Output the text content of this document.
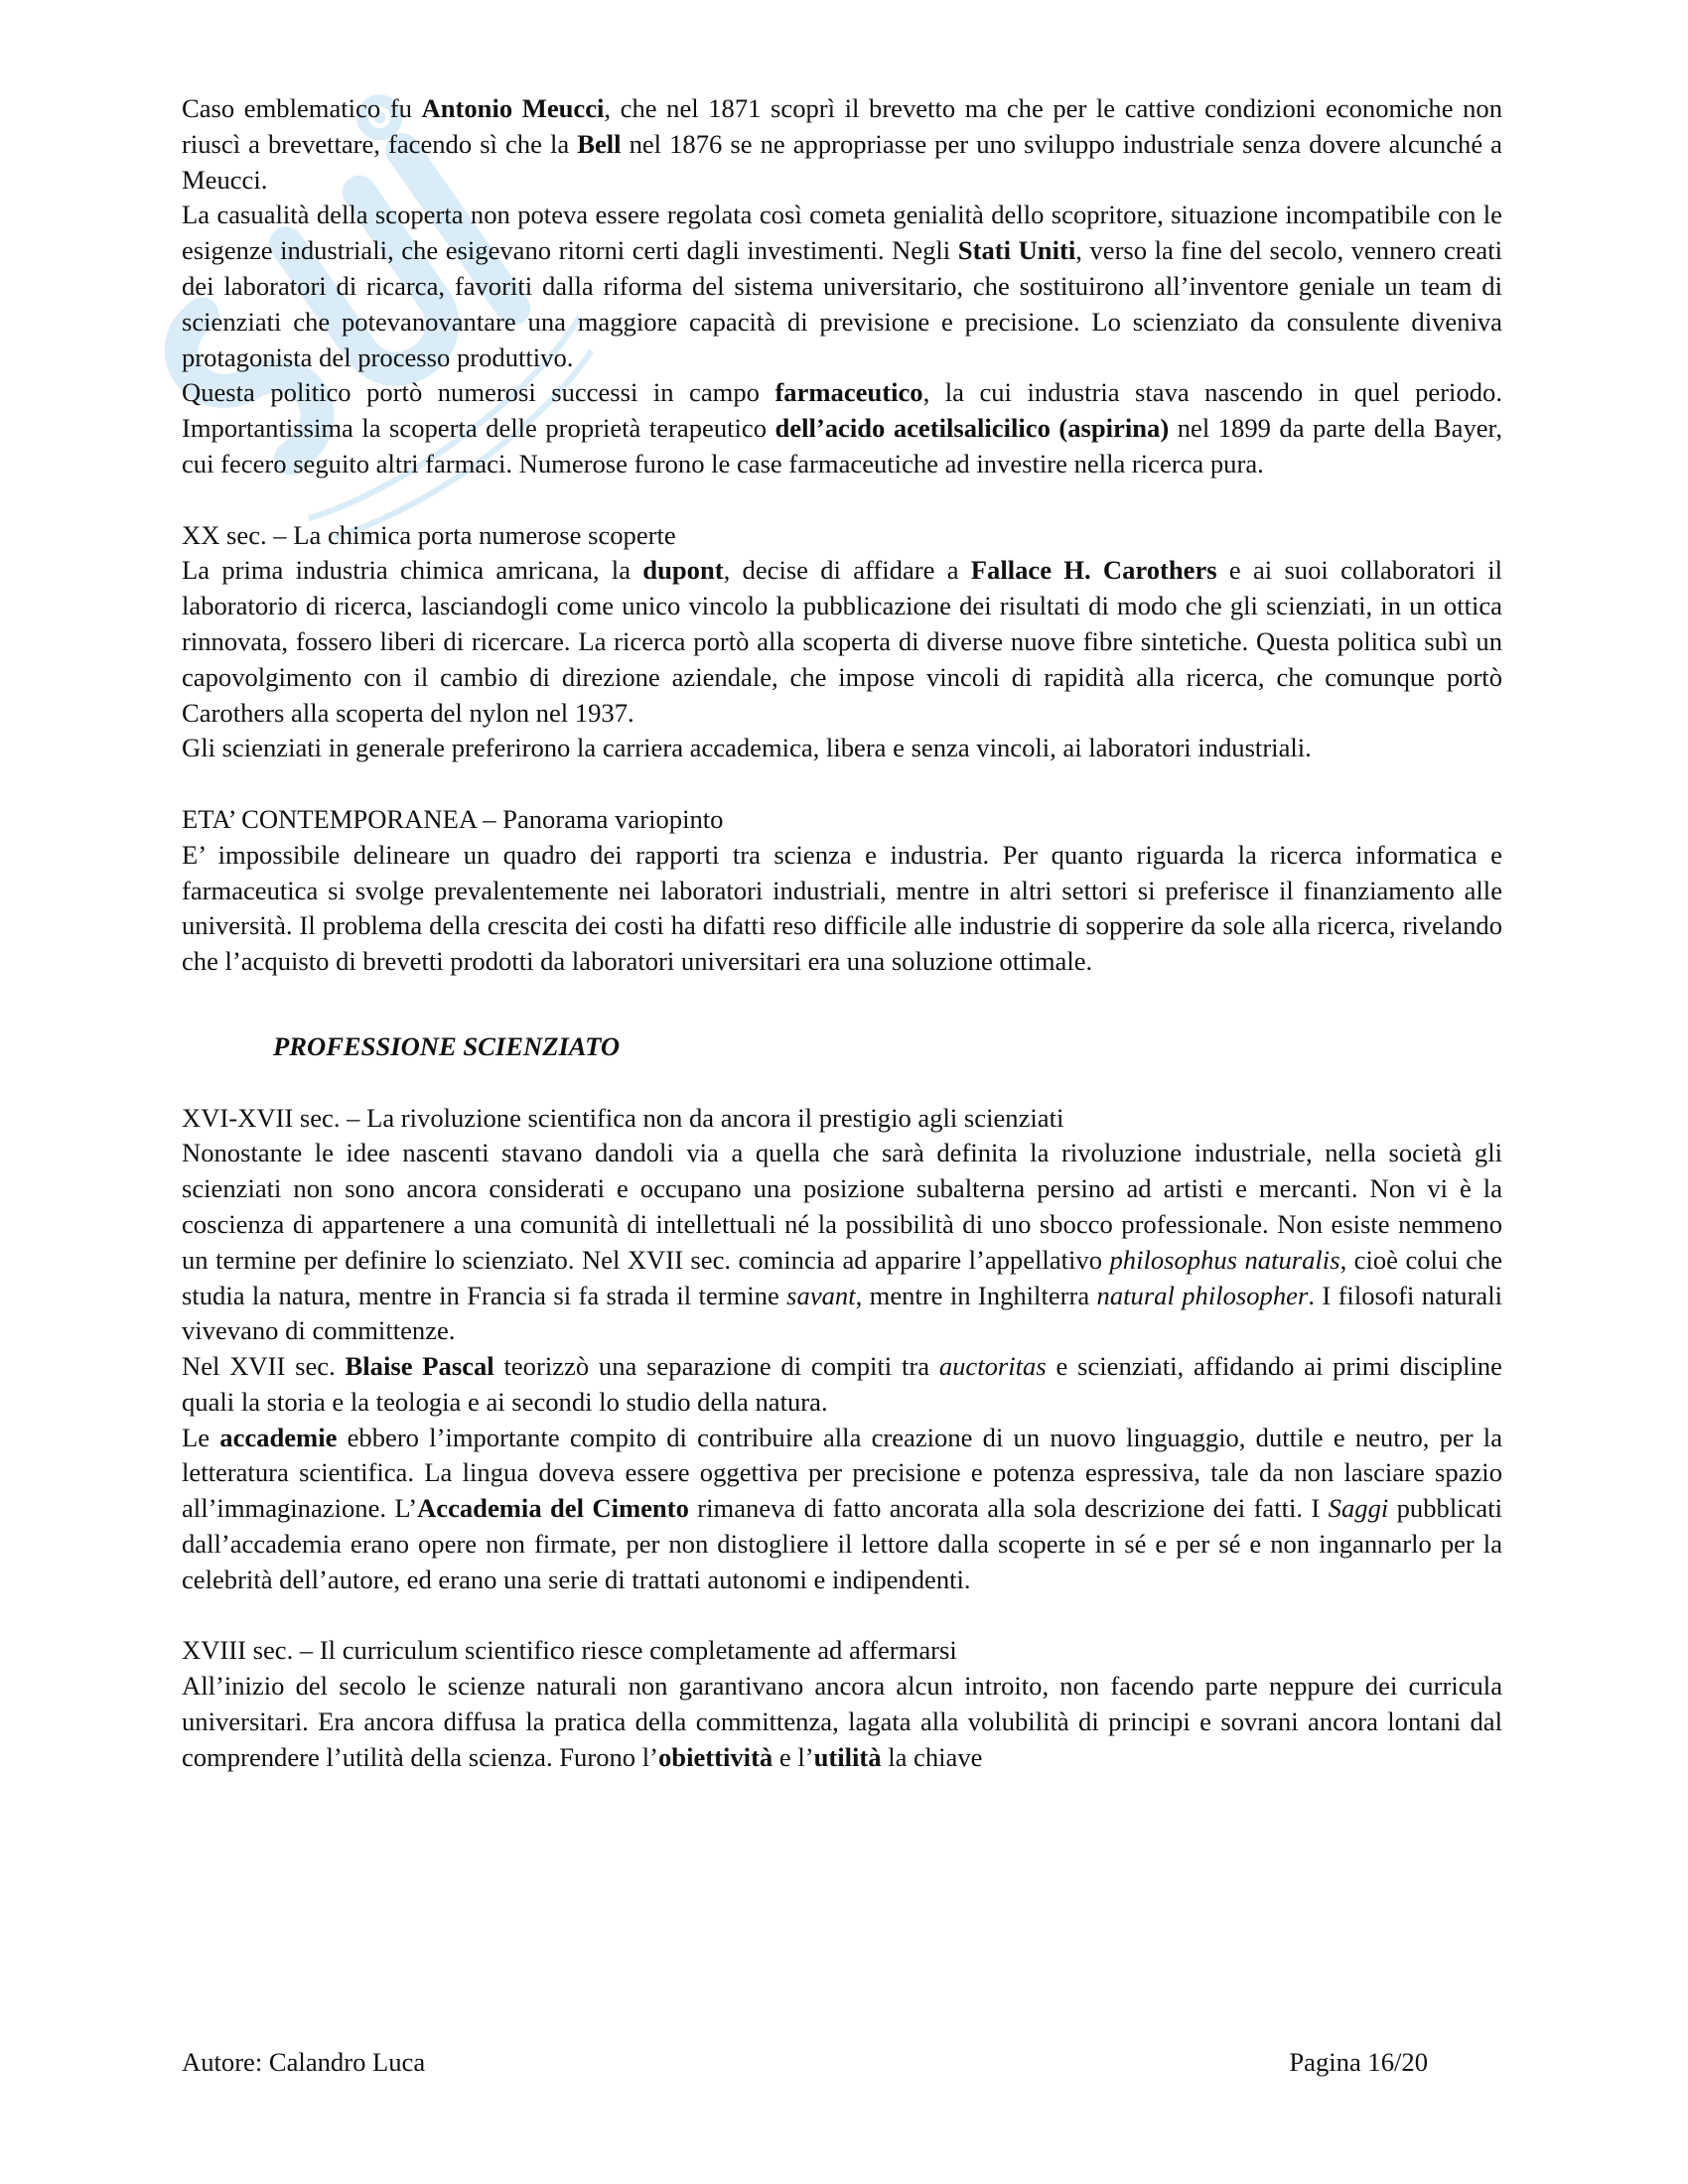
Caso emblematico fu Antonio Meucci, che nel 1871 scoprì il brevetto ma che per le cattive condizioni economiche non riuscì a brevettare, facendo sì che la Bell nel 1876 se ne appropriasse per uno sviluppo industriale senza dovere alcunché a Meucci.

La casualità della scoperta non poteva essere regolata così cometa genialità dello scopritore, situazione incompatibile con le esigenze industriali, che esigevano ritorni certi dagli investimenti. Negli Stati Uniti, verso la fine del secolo, vennero creati dei laboratori di ricarca, favoriti dalla riforma del sistema universitario, che sostituirono all’inventore geniale un team di scienziati che potevanovantare una maggiore capacità di previsione e precisione. Lo scienziato da consulente diveniva protagonista del processo produttivo.

Questa politico portò numerosi successi in campo farmaceutico, la cui industria stava nascendo in quel periodo. Importantissima la scoperta delle proprietà terapeutico dell’acido acetilsalicilico (aspirina) nel 1899 da parte della Bayer, cui fecero seguito altri farmaci. Numerose furono le case farmaceutiche ad investire nella ricerca pura.

XX sec. – La chimica porta numerose scoperte

La prima industria chimica amricana, la dupont, decise di affidare a Fallace H. Carothers e ai suoi collaboratori il laboratorio di ricerca, lasciandogli come unico vincolo la pubblicazione dei risultati di modo che gli scienziati, in un ottica rinnovata, fossero liberi di ricercare. La ricerca portò alla scoperta di diverse nuove fibre sintetiche. Questa politica subì un capovolgimento con il cambio di direzione aziendale, che impose vincoli di rapidità alla ricerca, che comunque portò Carothers alla scoperta del nylon nel 1937.

Gli scienziati in generale preferirono la carriera accademica, libera e senza vincoli, ai laboratori industriali.

ETA’ CONTEMPORANEA – Panorama variopinto

E’ impossibile delineare un quadro dei rapporti tra scienza e industria. Per quanto riguarda la ricerca informatica e farmaceutica si svolge prevalentemente nei laboratori industriali, mentre in altri settori si preferisce il finanziamento alle università. Il problema della crescita dei costi ha difatti reso difficile alle industrie di sopperire da sole alla ricerca, rivelando che l’acquisto di brevetti prodotti da laboratori universitari era una soluzione ottimale.

PROFESSIONE SCIENZIATO

XVI-XVII sec. – La rivoluzione scientifica non da ancora il prestigio agli scienziati

Nonostante le idee nascenti stavano dandoli via a quella che sarà definita la rivoluzione industriale, nella società gli scienziati non sono ancora considerati e occupano una posizione subalterna persino ad artisti e mercanti. Non vi è la coscienza di appartenere a una comunità di intellettuali né la possibilità di uno sbocco professionale. Non esiste nemmeno un termine per definire lo scienziato. Nel XVII sec. comincia ad apparire l’appellativo philosophus naturalis, cioè colui che studia la natura, mentre in Francia si fa strada il termine savant, mentre in Inghilterra natural philosopher. I filosofi naturali vivevano di committenze.

Nel XVII sec. Blaise Pascal teorizzò una separazione di compiti tra auctoritas e scienziati, affidando ai primi discipline quali la storia e la teologia e ai secondi lo studio della natura.

Le accademie ebbero l’importante compito di contribuire alla creazione di un nuovo linguaggio, duttile e neutro, per la letteratura scientifica. La lingua doveva essere oggettiva per precisione e potenza espressiva, tale da non lasciare spazio all’immaginazione. L’Accademia del Cimento rimaneva di fatto ancorata alla sola descrizione dei fatti. I Saggi pubblicati dall’accademia erano opere non firmate, per non distogliere il lettore dalla scoperte in sé e per sé e non ingannarlo per la celebrità dell’autore, ed erano una serie di trattati autonomi e indipendenti.

XVIII sec. – Il curriculum scientifico riesce completamente ad affermarsi

All’inizio del secolo le scienze naturali non garantivano ancora alcun introito, non facendo parte neppure dei curricula universitari. Era ancora diffusa la pratica della committenza, lagata alla volubilità di principi e sovrani ancora lontani dal comprendere l’utilità della scienza. Furono l’obiettività e l’utilità la chiave

Autore: Calandro Luca	Pagina 16/20
